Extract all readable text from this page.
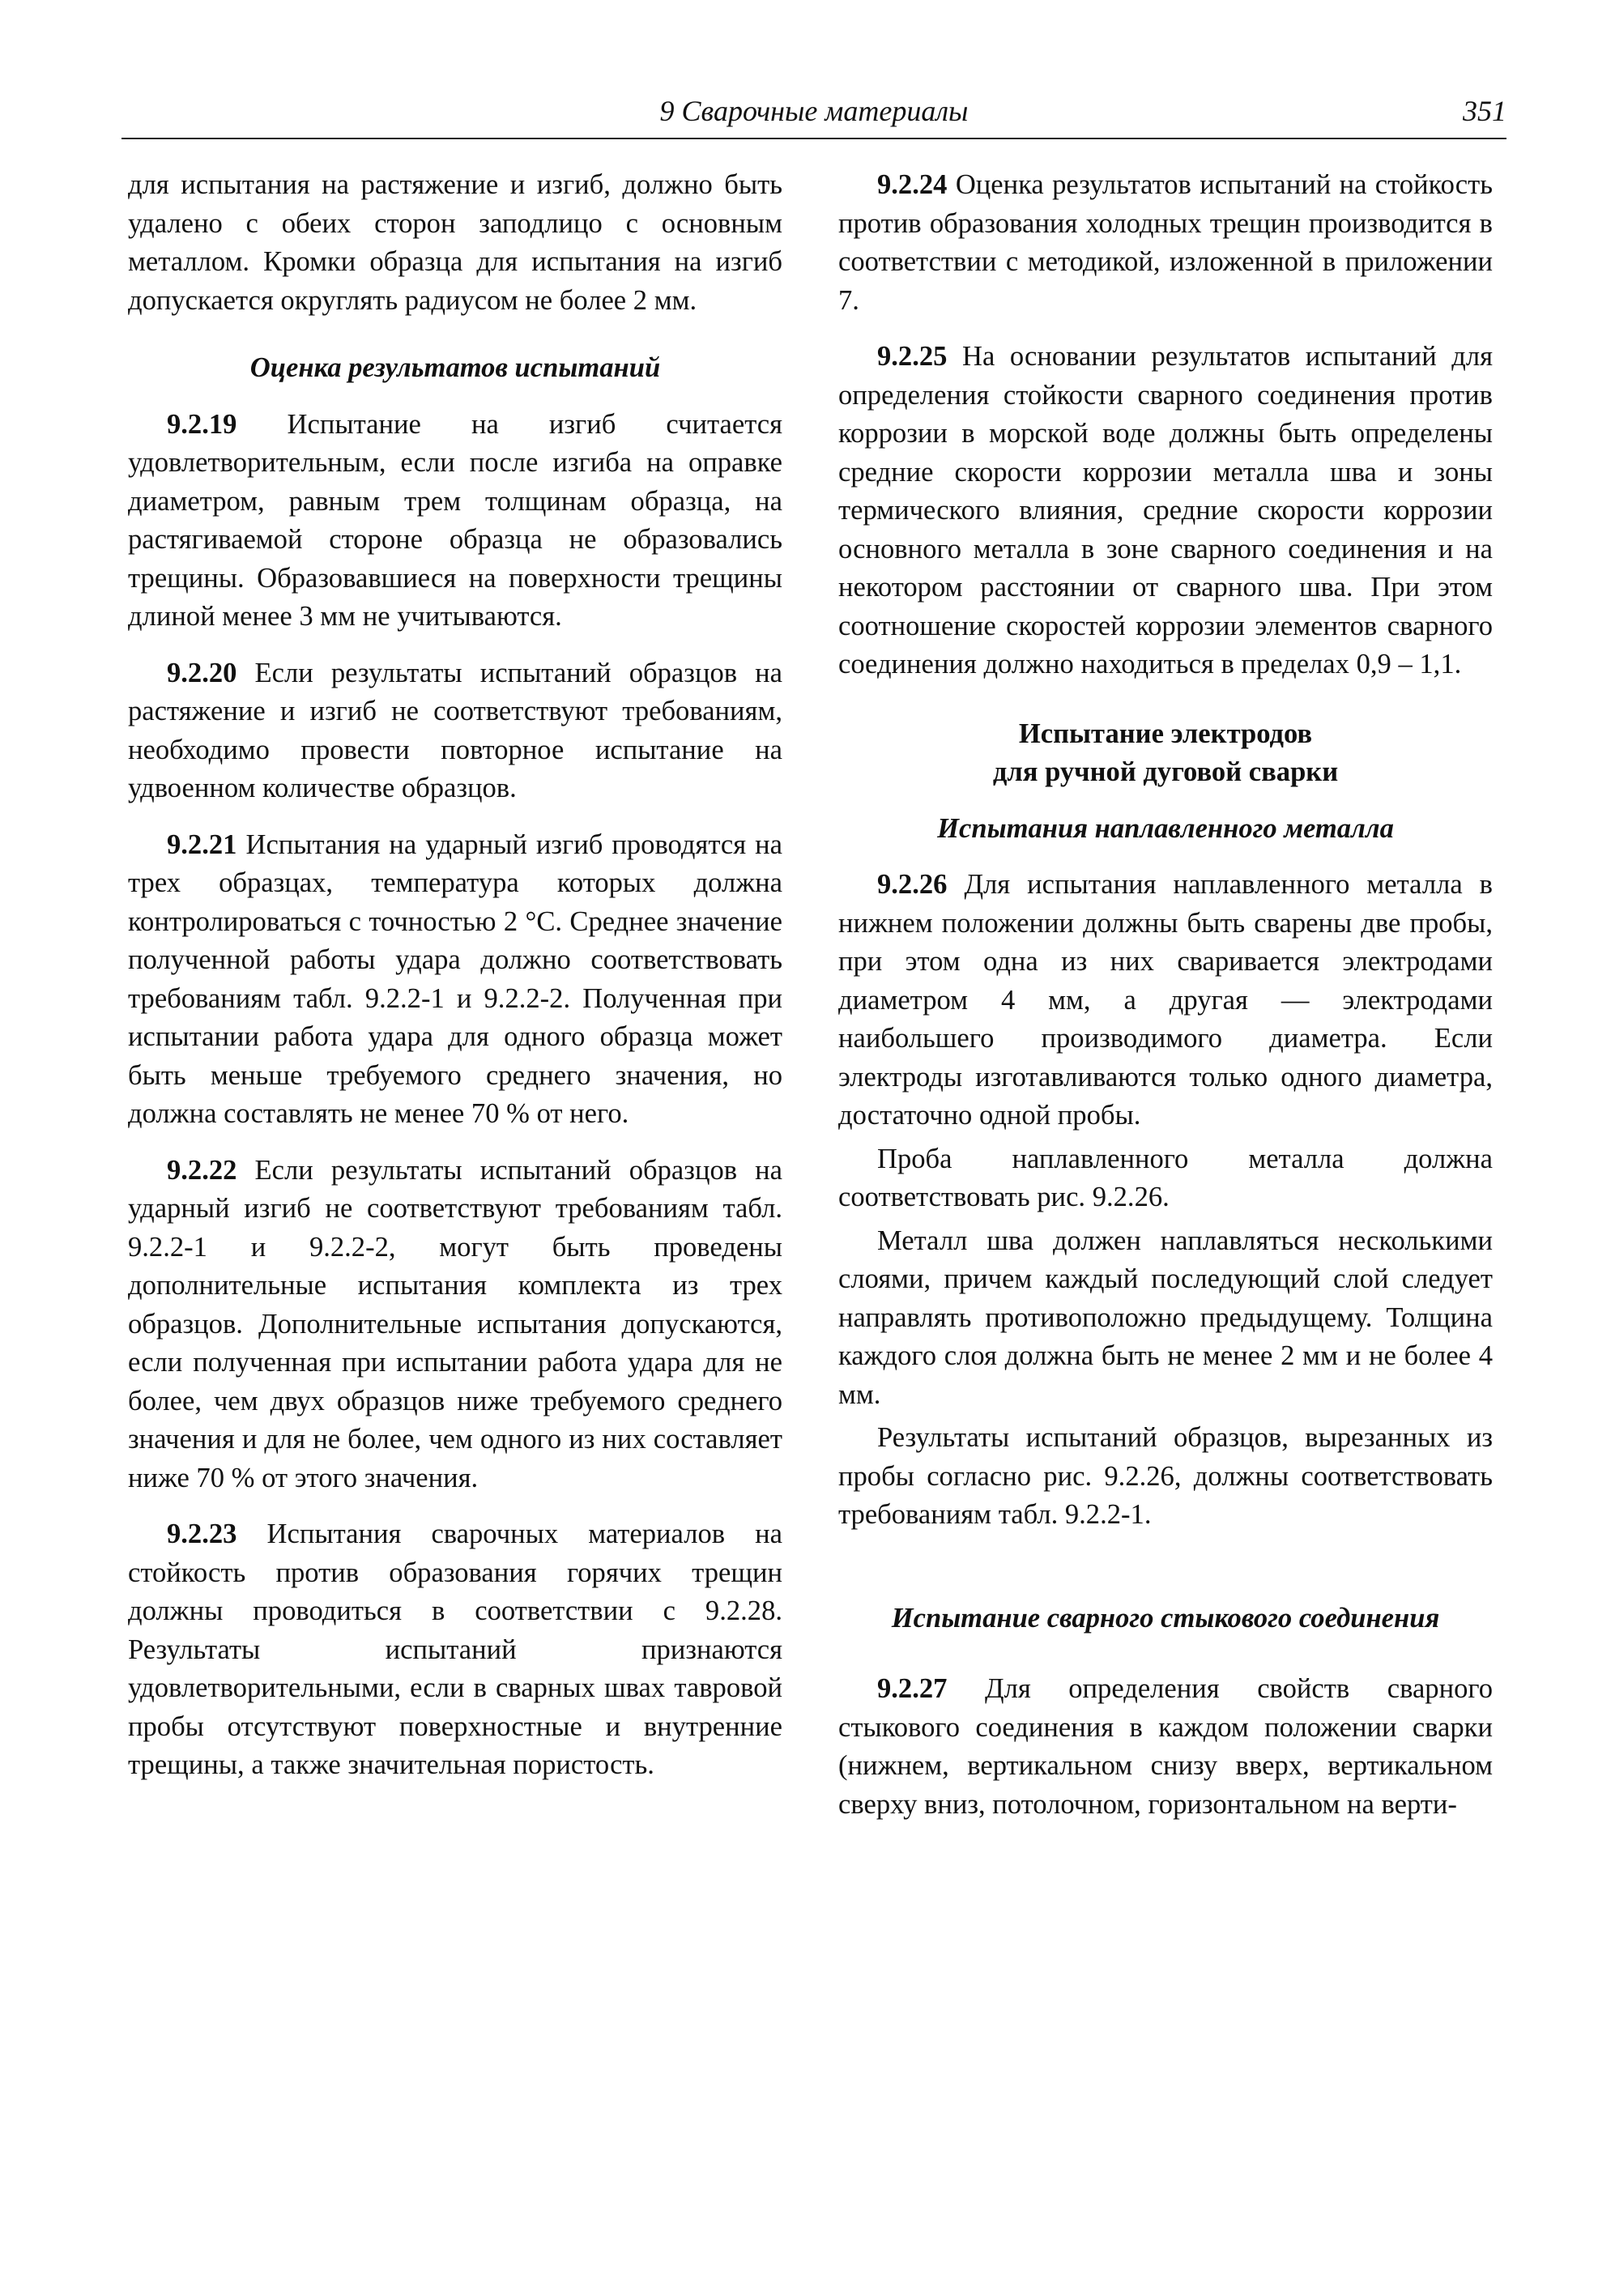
9 Сварочные материалы	351

для испытания на растяжение и изгиб, должно быть удалено с обеих сторон заподлицо с основным металлом. Кромки образца для испытания на изгиб допускается округлять радиусом не более 2 мм.

Оценка результатов испытаний

9.2.19 Испытание на изгиб считается удовлетворительным, если после изгиба на оправке диаметром, равным трем толщинам образца, на растягиваемой стороне образца не образовались трещины. Образовавшиеся на поверхности трещины длиной менее 3 мм не учитываются.

9.2.20 Если результаты испытаний образцов на растяжение и изгиб не соответствуют требованиям, необходимо провести повторное испытание на удвоенном количестве образцов.

9.2.21 Испытания на ударный изгиб проводятся на трех образцах, температура которых должна контролироваться с точностью 2 °С. Среднее значение полученной работы удара должно соответствовать требованиям табл. 9.2.2-1 и 9.2.2-2. Полученная при испытании работа удара для одного образца может быть меньше требуемого среднего значения, но должна составлять не менее 70 % от него.

9.2.22 Если результаты испытаний образцов на ударный изгиб не соответствуют требованиям табл. 9.2.2-1 и 9.2.2-2, могут быть проведены дополнительные испытания комплекта из трех образцов. Дополнительные испытания допускаются, если полученная при испытании работа удара для не более, чем двух образцов ниже требуемого среднего значения и для не более, чем одного из них составляет ниже 70 % от этого значения.

9.2.23 Испытания сварочных материалов на стойкость против образования горячих трещин должны проводиться в соответствии с 9.2.28. Результаты испытаний признаются удовлетворительными, если в сварных швах тавровой пробы отсутствуют поверхностные и внутренние трещины, а также значительная пористость.

9.2.24 Оценка результатов испытаний на стойкость против образования холодных трещин производится в соответствии с методикой, изложенной в приложении 7.

9.2.25 На основании результатов испытаний для определения стойкости сварного соединения против коррозии в морской воде должны быть определены средние скорости коррозии металла шва и зоны термического влияния, средние скорости коррозии основного металла в зоне сварного соединения и на некотором расстоянии от сварного шва. При этом соотношение скоростей коррозии элементов сварного соединения должно находиться в пределах 0,9 – 1,1.

Испытание электродов
для ручной дуговой сварки

Испытания наплавленного металла

9.2.26 Для испытания наплавленного металла в нижнем положении должны быть сварены две пробы, при этом одна из них сваривается электродами диаметром 4 мм, а другая — электродами наибольшего производимого диаметра. Если электроды изготавливаются только одного диаметра, достаточно одной пробы.

Проба наплавленного металла должна соответствовать рис. 9.2.26.

Металл шва должен наплавляться несколькими слоями, причем каждый последующий слой следует направлять противоположно предыдущему. Толщина каждого слоя должна быть не менее 2 мм и не более 4 мм.

Результаты испытаний образцов, вырезанных из пробы согласно рис. 9.2.26, должны соответствовать требованиям табл. 9.2.2-1.

Испытание сварного стыкового соединения

9.2.27 Для определения свойств сварного стыкового соединения в каждом положении сварки (нижнем, вертикальном снизу вверх, вертикальном сверху вниз, потолочном, горизонтальном на верти-
